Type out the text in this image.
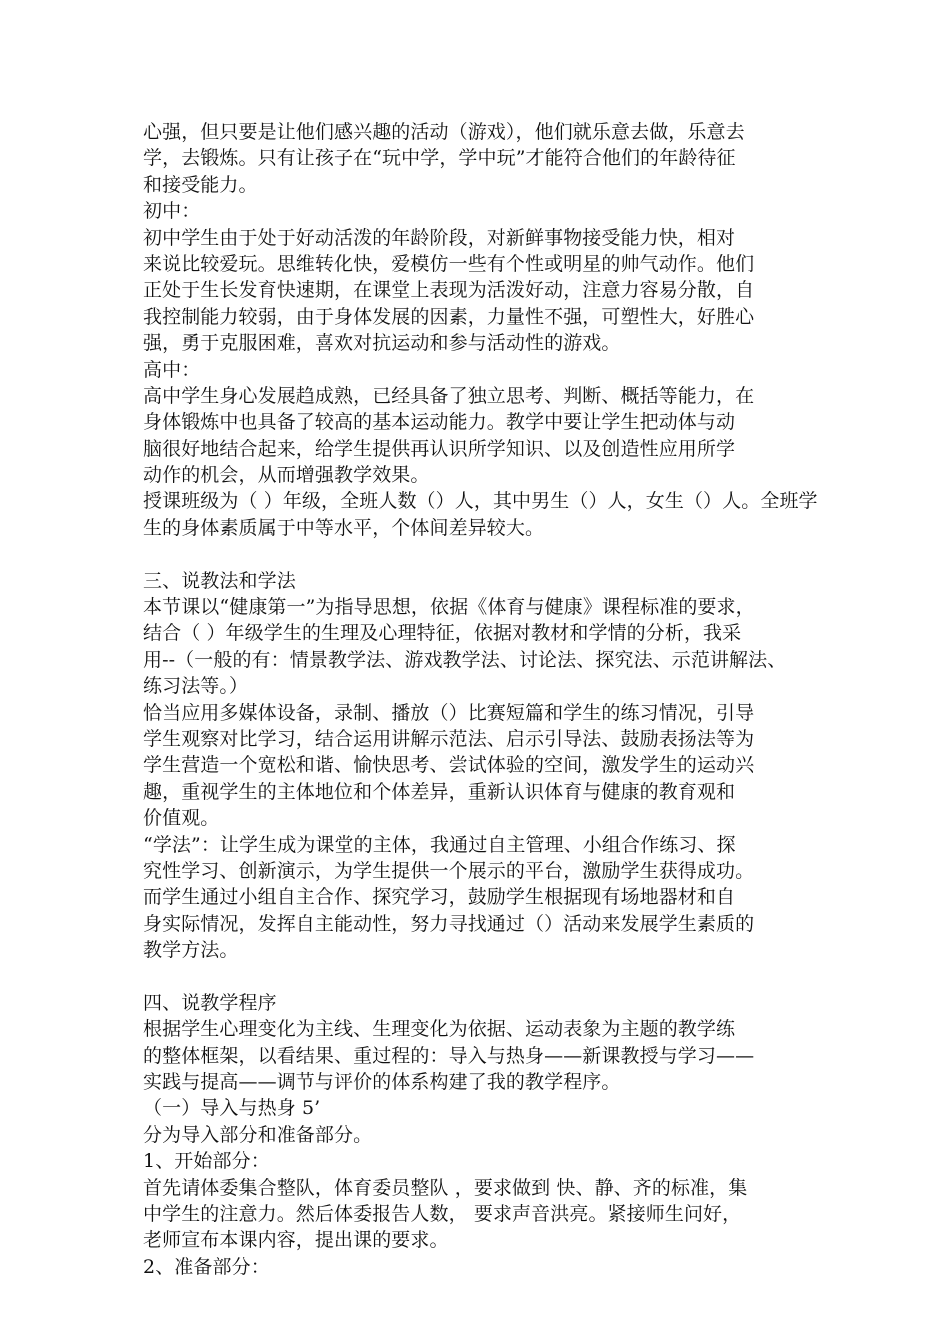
心强，但只要是让他们感兴趣的活动（游戏），他们就乐意去做，乐意去
学，去锻炼。只有让孩子在“玩中学，学中玩”才能符合他们的年龄待征
和接受能力。
初中：
初中学生由于处于好动活泼的年龄阶段，对新鲜事物接受能力快，相对
来说比较爱玩。思维转化快，爱模仿一些有个性或明星的帅气动作。他们
正处于生长发育快速期，在课堂上表现为活泼好动，注意力容易分散，自
我控制能力较弱，由于身体发展的因素，力量性不强，可塑性大，好胜心
强，勇于克服困难，喜欢对抗运动和参与活动性的游戏。
高中：
高中学生身心发展趋成熟，已经具备了独立思考、判断、概括等能力，在
身体锻炼中也具备了较高的基本运动能力。教学中要让学生把动体与动
脑很好地结合起来，给学生提供再认识所学知识、以及创造性应用所学
动作的机会，从而增强教学效果。
授课班级为（ ）年级，全班人数（）人，其中男生（）人，女生（）人。全班学
生的身体素质属于中等水平，个体间差异较大。
三、说教法和学法
本节课以“健康第一”为指导思想，依据《体育与健康》课程标准的要求，
结合（ ）年级学生的生理及心理特征，依据对教材和学情的分析，我采
用--（一般的有：情景教学法、游戏教学法、讨论法、探究法、示范讲解法、
练习法等。）
恰当应用多媒体设备，录制、播放（）比赛短篇和学生的练习情况，引导
学生观察对比学习，结合运用讲解示范法、启示引导法、鼓励表扬法等为
学生营造一个宽松和谐、愉快思考、尝试体验的空间，激发学生的运动兴
趣，重视学生的主体地位和个体差异，重新认识体育与健康的教育观和
价值观。
“学法”：让学生成为课堂的主体，我通过自主管理、小组合作练习、探
究性学习、创新演示，为学生提供一个展示的平台，激励学生获得成功。
而学生通过小组自主合作、探究学习，鼓励学生根据现有场地器材和自
身实际情况，发挥自主能动性，努力寻找通过（）活动来发展学生素质的
教学方法。
四、说教学程序
根据学生心理变化为主线、生理变化为依据、运动表象为主题的教学练
的整体框架，以看结果、重过程的：导入与热身——新课教授与学习——
实践与提高——调节与评价的体系构建了我的教学程序。
（一）导入与热身 5’
分为导入部分和准备部分。
1、开始部分：
首先请体委集合整队，体育委员整队 ，要求做到 快、静、齐的标准，集
中学生的注意力。然后体委报告人数， 要求声音洪亮。紧接师生问好，
老师宣布本课内容，提出课的要求。
2、准备部分：
